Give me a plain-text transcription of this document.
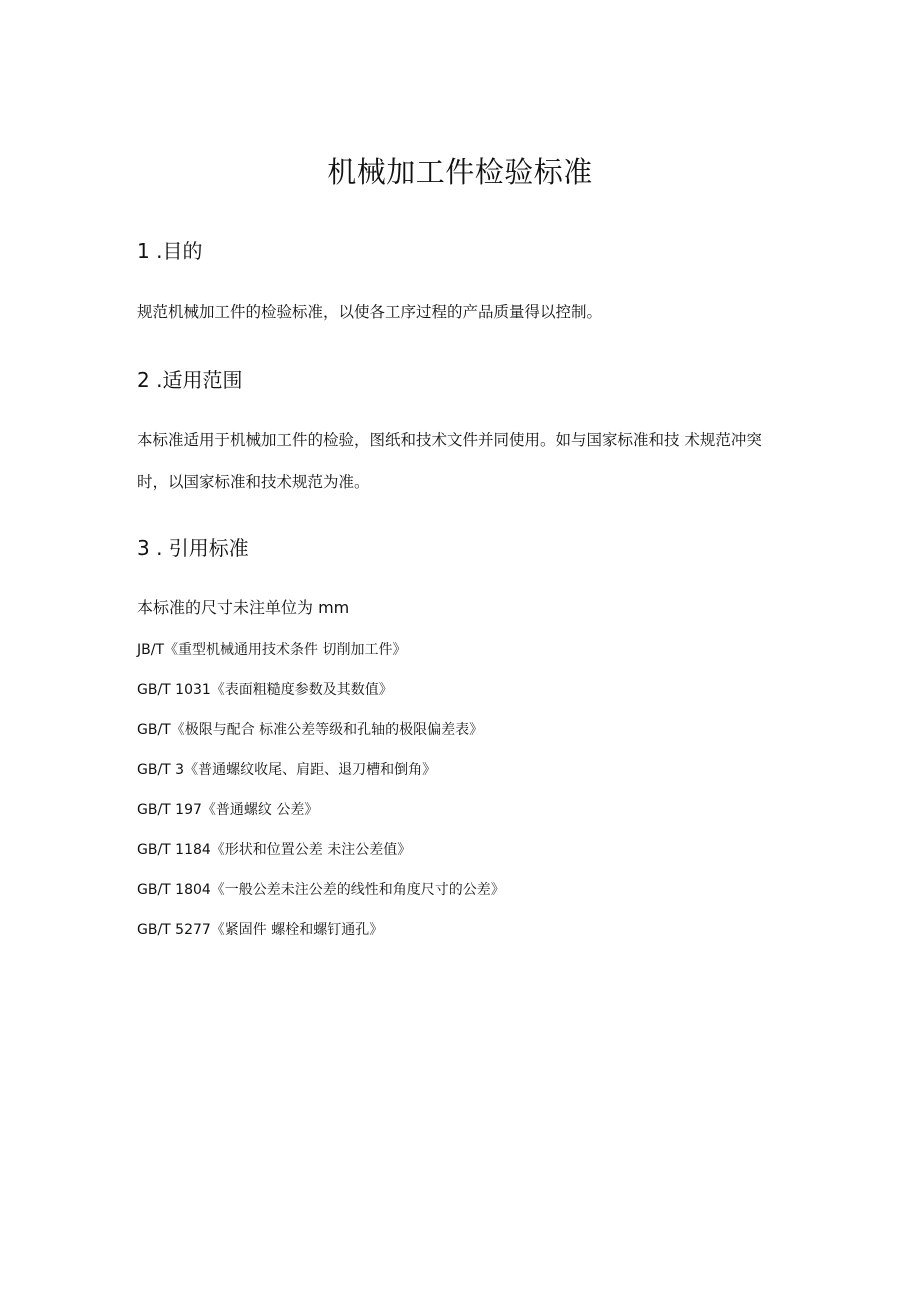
机械加工件检验标准
1 .目的

规范机械加工件的检验标准，以使各工序过程的产品质量得以控制。

2 .适用范围

本标准适用于机械加工件的检验，图纸和技术文件并同使用。如与国家标准和技 术规范冲突时，以国家标准和技术规范为准。

3 . 引用标准

本标准的尺寸未注单位为 mm

JB/T《重型机械通用技术条件 切削加工件》
GB/T 1031《表面粗糙度参数及其数值》
GB/T《极限与配合 标准公差等级和孔轴的极限偏差表》
GB/T 3《普通螺纹收尾、肩距、退刀槽和倒角》
GB/T 197《普通螺纹 公差》
GB/T 1184《形状和位置公差 未注公差值》
GB/T 1804《一般公差未注公差的线性和角度尺寸的公差》
GB/T 5277《紧固件 螺栓和螺钉通孔》
